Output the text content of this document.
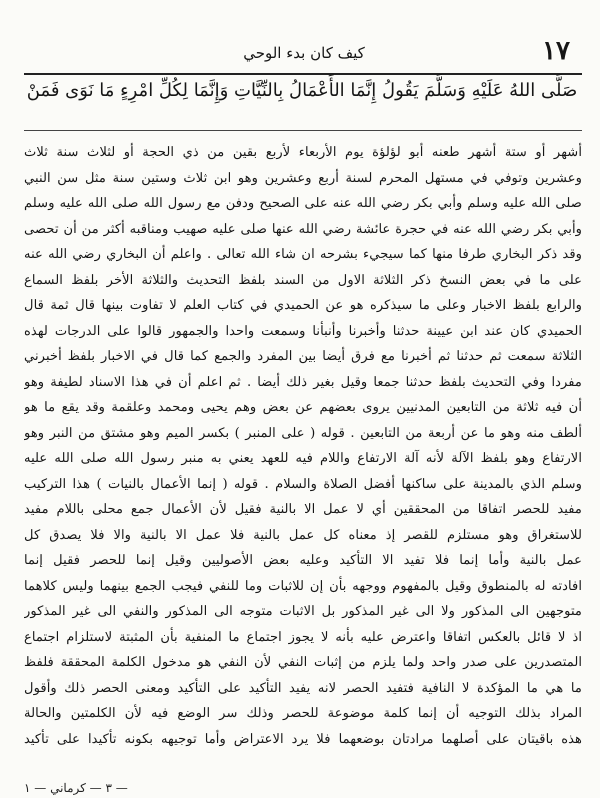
١٧
كيف كان بدء الوحي
صَلَّى اللهُ عَلَيْهِ وَسَلَّمَ يَقُولُ إِنَّمَا الأَعْمَالُ بِالنِّيَّاتِ وَإِنَّمَا لِكُلِّ امْرِءٍ مَا نَوَى فَمَنْ
أشهر أو ستة أشهر طعنه أبو لؤلؤة يوم الأربعاء لأربع بقين من ذي الحجة أو لثلاث سنة ثلاث
وعشرين وتوفي في مستهل المحرم لسنة أربع وعشرين وهو ابن ثلاث وستين سنة مثل سن النبي
صلى الله عليه وسلم وأبي بكر رضي الله عنه على الصحيح ودفن مع رسول الله صلى الله عليه وسلم
وأبي بكر رضي الله عنه في حجرة عائشة رضي الله عنها صلى عليه صهيب ومناقبه أكثر من أن تحصى
وقد ذكر البخاري طرفا منها كما سيجيء بشرحه ان شاء الله تعالى . واعلم أن البخاري رضي الله عنه
على ما في بعض النسخ ذكر الثلاثة الاول من السند بلفظ التحديث والثلاثة الأخر بلفظ السماع
والرابع بلفظ الاخبار وعلى ما سيذكره هو عن الحميدي في كتاب العلم لا تفاوت بينها قال ثمة قال
الحميدي كان عند ابن عيينة حدثنا وأخبرنا وأنبأنا وسمعت واحدا والجمهور قالوا على الدرجات لهذه
الثلاثة سمعت ثم حدثنا ثم أخبرنا مع فرق أيضا بين المفرد والجمع كما قال في الاخبار بلفظ أخبرني
مفردا وفي التحديث بلفظ حدثنا جمعا وقيل بغير ذلك أيضا . ثم اعلم أن في هذا الاسناد لطيفة وهو
أن فيه ثلاثة من التابعين المدنيين يروى بعضهم عن بعض وهم يحيى ومحمد وعلقمة وقد يقع ما هو
ألطف منه وهو ما عن أربعة من التابعين . قوله ( على المنبر ) بكسر الميم وهو مشتق من النبر وهو
الارتفاع وهو بلفظ الآلة لأنه آلة الارتفاع واللام فيه للعهد يعني به منبر رسول الله صلى الله عليه
وسلم الذي بالمدينة على ساكنها أفضل الصلاة والسلام . قوله ( إنما الأعمال بالنيات ) هذا التركيب
مفيد للحصر اتفاقا من المحققين أي لا عمل الا بالنية فقيل لأن الأعمال جمع محلى باللام مفيد
للاستغراق وهو مستلزم للقصر إذ معناه كل عمل بالنية فلا عمل الا بالنية والا فلا يصدق كل
عمل بالنية وأما إنما فلا تفيد الا التأكيد وعليه بعض الأصوليين وقيل إنما للحصر فقيل إنما
افادته له بالمنطوق وقيل بالمفهوم ووجهه بأن إن للاثبات وما للنفي فيجب الجمع بينهما وليس كلاهما
متوجهين الى المذكور ولا الى غير المذكور بل الاثبات متوجه الى المذكور والنفي الى غير المذكور
اذ لا قائل بالعكس اتفاقا واعترض عليه بأنه لا يجوز اجتماع ما المنفية بأن المثبتة لاستلزام اجتماع
المتصدرين على صدر واحد ولما يلزم من إثبات النفي لأن النفي هو مدخول الكلمة المحققة فلفظ
ما هي ما المؤكدة لا النافية فتفيد الحصر لانه يفيد التأكيد على التأكيد ومعنى الحصر ذلك وأقول
المراد بذلك التوجيه أن إنما كلمة موضوعة للحصر وذلك سر الوضع فيه لأن الكلمتين والحالة
هذه باقيتان على أصلهما مرادتان بوضعهما فلا يرد الاعتراض وأما توجيهه بكونه تأكيدا على تأكيد
— ٣ — كرماني — ١
